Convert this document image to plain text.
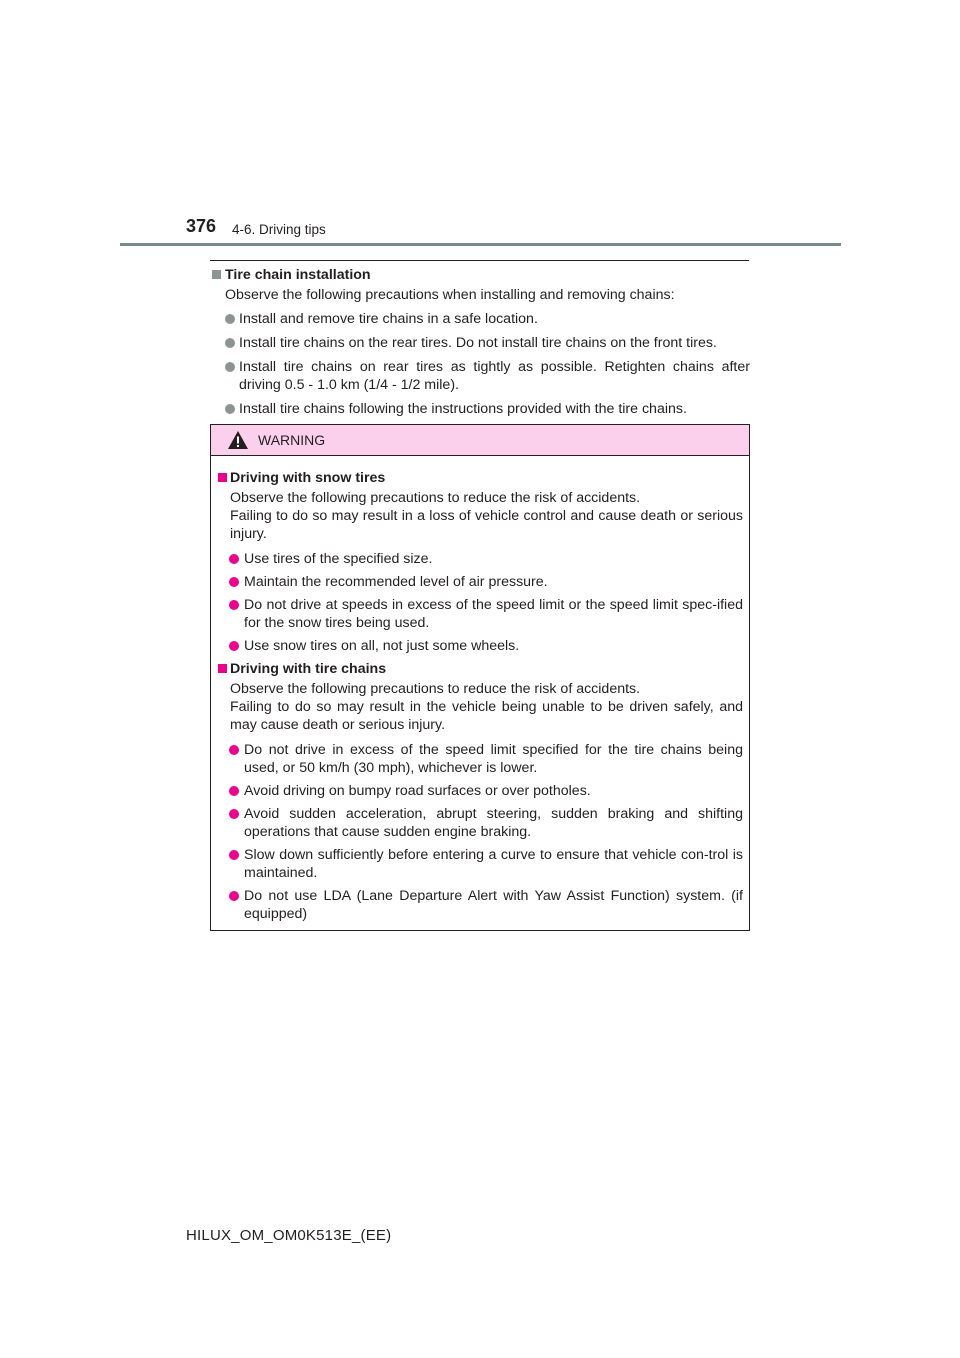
376 4-6. Driving tips
Tire chain installation
Observe the following precautions when installing and removing chains:
Install and remove tire chains in a safe location.
Install tire chains on the rear tires. Do not install tire chains on the front tires.
Install tire chains on rear tires as tightly as possible. Retighten chains after driving 0.5 - 1.0 km (1/4 - 1/2 mile).
Install tire chains following the instructions provided with the tire chains.
WARNING
Driving with snow tires
Observe the following precautions to reduce the risk of accidents.
Failing to do so may result in a loss of vehicle control and cause death or serious injury.
Use tires of the specified size.
Maintain the recommended level of air pressure.
Do not drive at speeds in excess of the speed limit or the speed limit spec-ified for the snow tires being used.
Use snow tires on all, not just some wheels.
Driving with tire chains
Observe the following precautions to reduce the risk of accidents.
Failing to do so may result in the vehicle being unable to be driven safely, and may cause death or serious injury.
Do not drive in excess of the speed limit specified for the tire chains being used, or 50 km/h (30 mph), whichever is lower.
Avoid driving on bumpy road surfaces or over potholes.
Avoid sudden acceleration, abrupt steering, sudden braking and shifting operations that cause sudden engine braking.
Slow down sufficiently before entering a curve to ensure that vehicle con-trol is maintained.
Do not use LDA (Lane Departure Alert with Yaw Assist Function) system. (if equipped)
HILUX_OM_OM0K513E_(EE)
